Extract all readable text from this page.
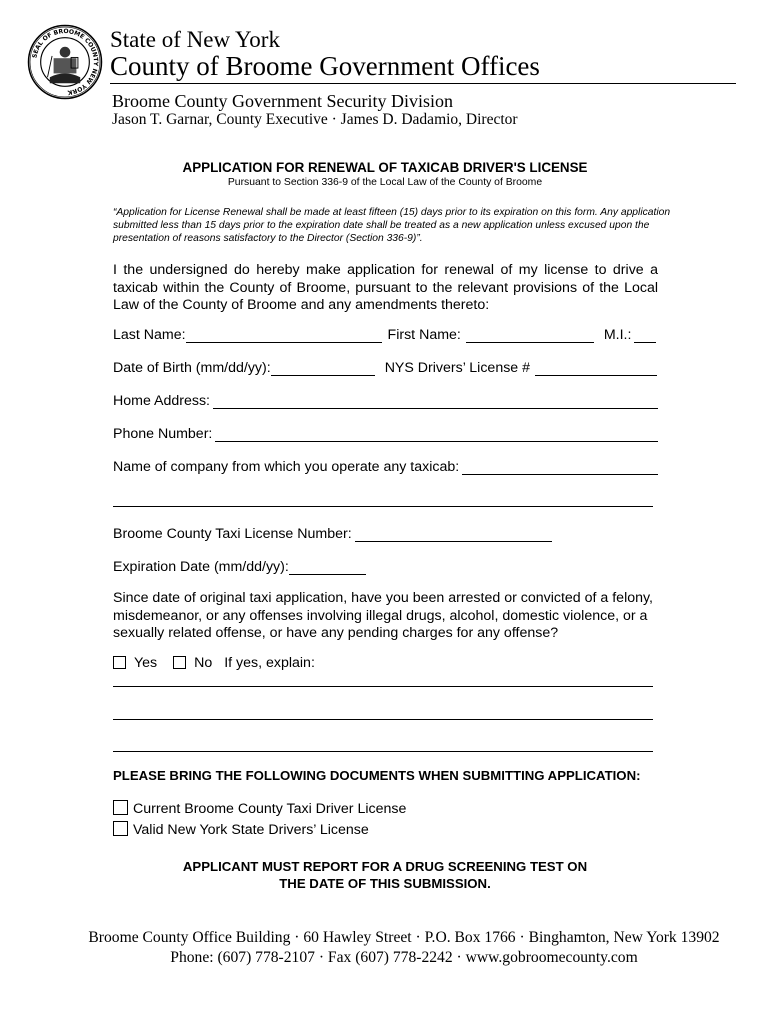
SEAL OF BROOME COUNTY NEW YORK
State of New York
County of Broome Government Offices
Broome County Government Security Division
Jason T. Garnar, County Executive · James D. Dadamio, Director
APPLICATION FOR RENEWAL OF TAXICAB DRIVER'S LICENSE
Pursuant to Section 336-9 of the Local Law of the County of Broome
“Application for License Renewal shall be made at least fifteen (15) days prior to its expiration on this form. Any application submitted less than 15 days prior to the expiration date shall be treated as a new application unless excused upon the presentation of reasons satisfactory to the Director (Section 336-9)”.
I the undersigned do hereby make application for renewal of my license to drive a taxicab within the County of Broome, pursuant to the relevant provisions of the Local Law of the County of Broome and any amendments thereto:
Last Name:	First Name:	M.I.:
Date of Birth (mm/dd/yy):	NYS Drivers’ License #
Home Address:
Phone Number:
Name of company from which you operate any taxicab:
Broome County Taxi License Number:
Expiration Date (mm/dd/yy):
Since date of original taxi application, have you been arrested or convicted of a felony, misdemeanor, or any offenses involving illegal drugs, alcohol, domestic violence, or a sexually related offense, or have any pending charges for any offense?
Yes	No If yes, explain:
PLEASE BRING THE FOLLOWING DOCUMENTS WHEN SUBMITTING APPLICATION:
Current Broome County Taxi Driver License
Valid New York State Drivers’ License
APPLICANT MUST REPORT FOR A DRUG SCREENING TEST ON
THE DATE OF THIS SUBMISSION.
Broome County Office Building · 60 Hawley Street · P.O. Box 1766 · Binghamton, New York 13902
Phone: (607) 778-2107 · Fax (607) 778-2242 · www.gobroomecounty.com
